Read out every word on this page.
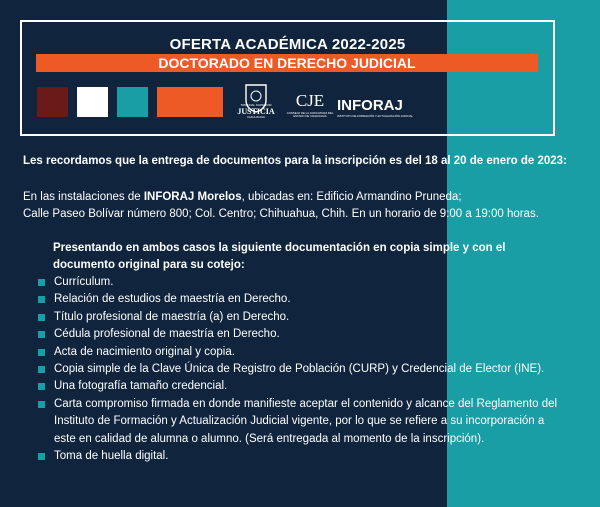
OFERTA ACADÉMICA 2022-2025
DOCTORADO EN DERECHO JUDICIAL
TRIBUNAL SUPERIOR
JUSTICIA
CHIHUAHUA
CJE
CONSEJO DE LA JUDICATURA DEL ESTADO DE CHIHUAHUA
INFORAJ
INSTITUTO DE FORMACIÓN Y ACTUALIZACIÓN JUDICIAL
Les recordamos que la entrega de documentos para la inscripción es del 18 al 20 de enero de 2023:
En las instalaciones de INFORAJ Morelos, ubicadas en: Edificio Armandino Pruneda;
Calle Paseo Bolívar número 800; Col. Centro; Chihuahua, Chih. En un horario de 9:00 a 19:00 horas.
Presentando en ambos casos la siguiente documentación en copia simple y con el
documento original para su cotejo:
Currículum.
Relación de estudios de maestría en Derecho.
Título profesional de maestría (a) en Derecho.
Cédula profesional de maestría en Derecho.
Acta de nacimiento original y copia.
Copia simple de la Clave Única de Registro de Población (CURP) y Credencial de Elector (INE).
Una fotografía tamaño credencial.
Carta compromiso firmada en donde manifieste aceptar el contenido y alcance del Reglamento del Instituto de Formación y Actualización Judicial vigente, por lo que se refiere a su incorporación a este en calidad de alumna o alumno. (Será entregada al momento de la inscripción).
Toma de huella digital.
